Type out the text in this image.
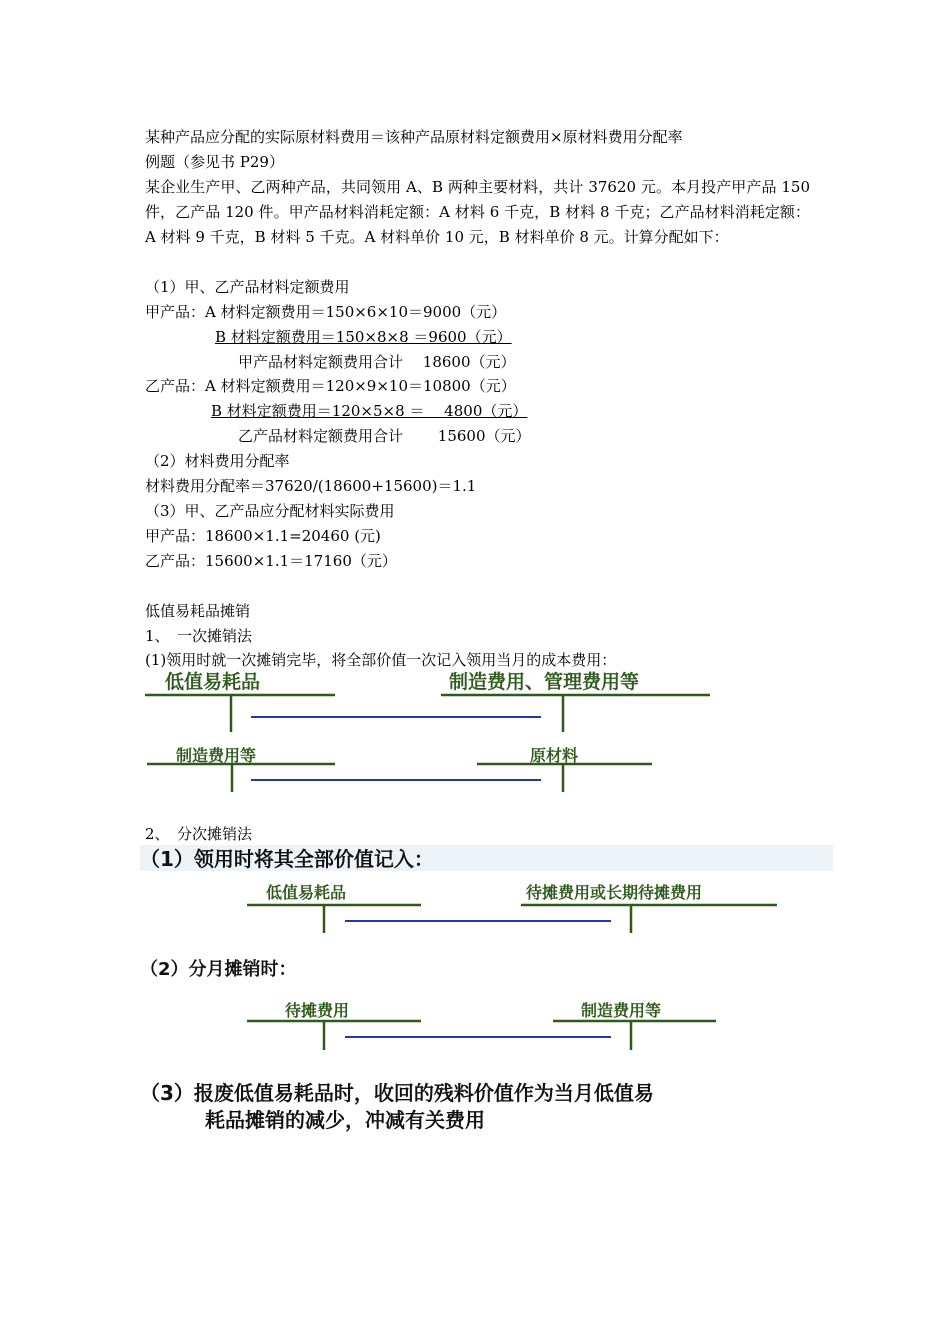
某种产品应分配的实际原材料费用＝该种产品原材料定额费用×原材料费用分配率
例题（参见书 P29）
某企业生产甲、乙两种产品，共同领用 A、B 两种主要材料，共计 37620 元。本月投产甲产品 150 件，乙产品 120 件。甲产品材料消耗定额：A 材料 6 千克，B 材料 8 千克；乙产品材料消耗定额：A 材料 9 千克，B 材料 5 千克。A 材料单价 10 元，B 材料单价 8 元。计算分配如下：
（1）甲、乙产品材料定额费用
甲产品：A 材料定额费用＝150×6×10＝9000（元）
B 材料定额费用＝150×8×8 ＝9600（元）
甲产品材料定额费用合计　 18600（元）
乙产品：A 材料定额费用＝120×9×10＝10800（元）
B 材料定额费用＝120×5×8 ＝　 4800（元）
乙产品材料定额费用合计　　 15600（元）
（2）材料费用分配率
材料费用分配率＝37620/(18600+15600)＝1.1
（3）甲、乙产品应分配材料实际费用
甲产品：18600×1.1=20460 (元)
乙产品：15600×1.1＝17160（元）
低值易耗品摊销
1、　一次摊销法
(1)领用时就一次摊销完毕，将全部价值一次记入领用当月的成本费用：
低值易耗品	制造费用、管理费用等
制造费用等	原材料
2、　分次摊销法
（1）领用时将其全部价值记入：
低值易耗品	待摊费用或长期待摊费用
（2）分月摊销时：
待摊费用	制造费用等
（3）报废低值易耗品时，收回的残料价值作为当月低值易
耗品摊销的减少，冲减有关费用
